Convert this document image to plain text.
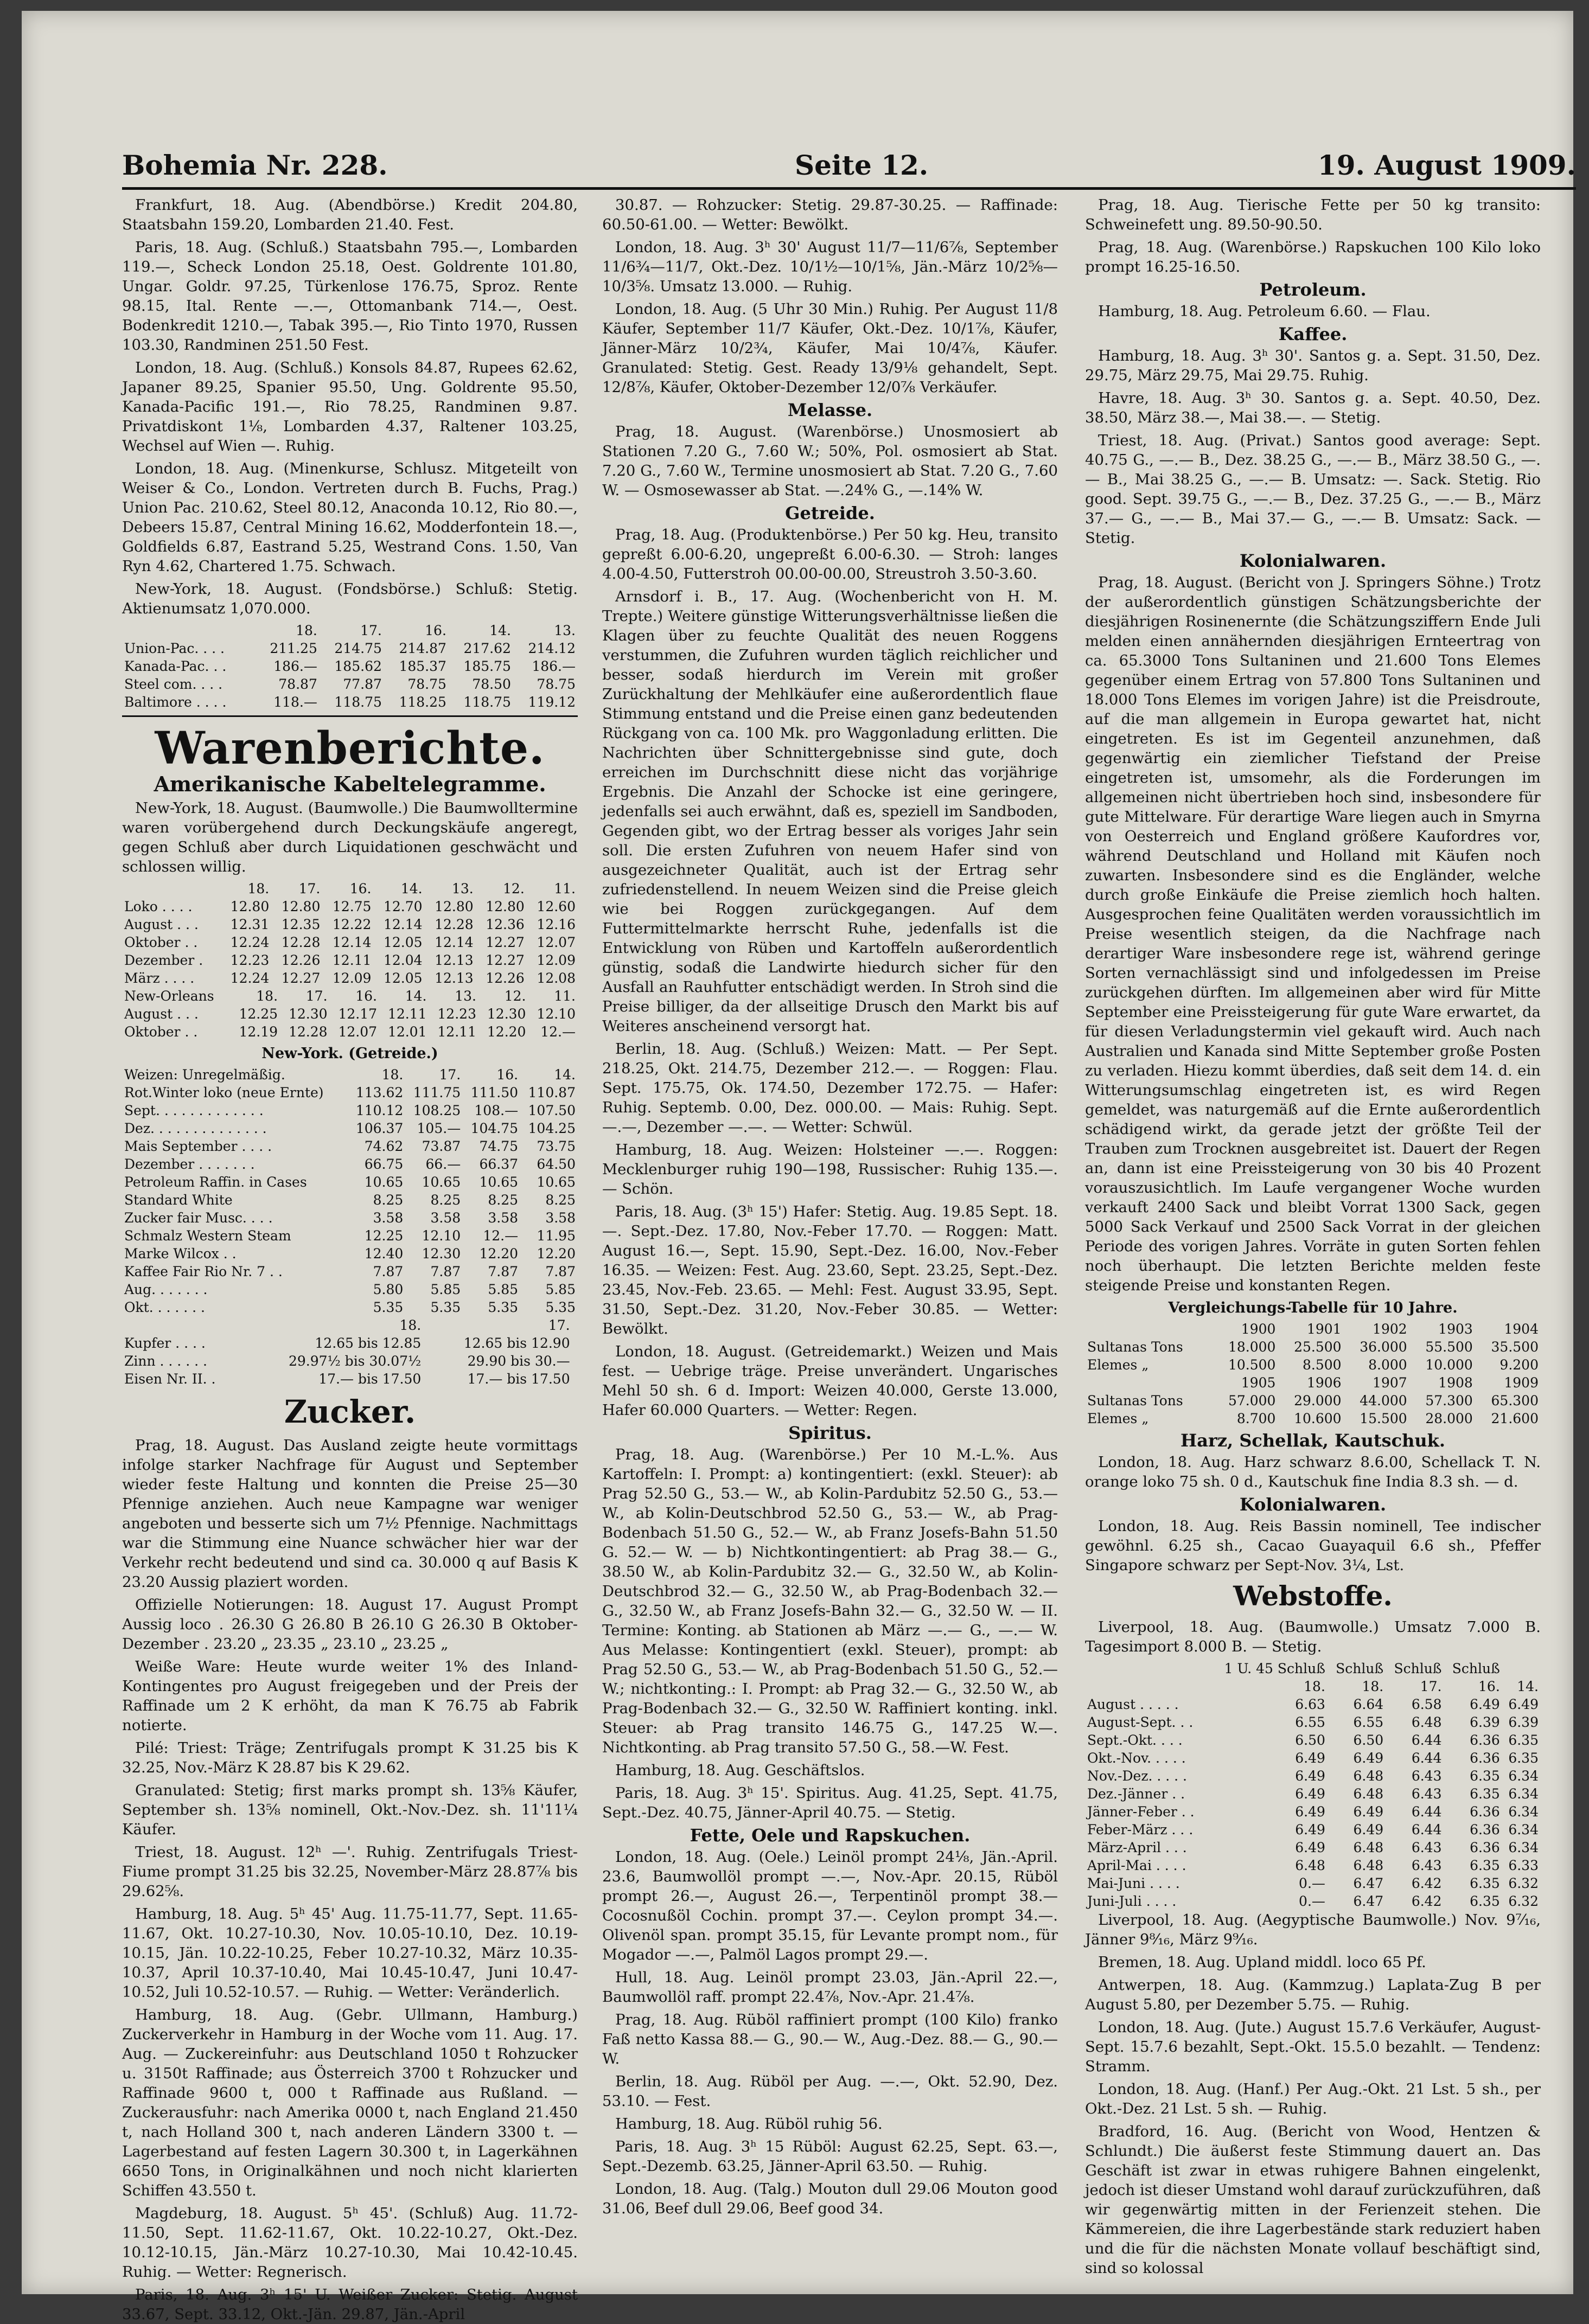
Bohemia Nr. 228.	Seite 12.	19. August 1909.

Frankfurt, 18. Aug. (Abendbörse.) Kredit 204.80, Staatsbahn 159.20, Lombarden 21.40. Fest.

Paris, 18. Aug. (Schluß.) Staatsbahn 795.—, Lombarden 119.—, Scheck London 25.18, Oest. Goldrente 101.80, Ungar. Goldr. 97.25, Türkenlose 176.75, Sproz. Rente 98.15, Ital. Rente —.—, Ottomanbank 714.—, Oest. Bodenkredit 1210.—, Tabak 395.—, Rio Tinto 1970, Russen 103.30, Randminen 251.50 Fest.

London, 18. Aug. (Schluß.) Konsols 84.87, Rupees 62.62, Japaner 89.25, Spanier 95.50, Ung. Goldrente 95.50, Kanada-Pacific 191.—, Rio 78.25, Randminen 9.87. Privatdiskont 1⅛, Lombarden 4.37, Raltener 103.25, Wechsel auf Wien —. Ruhig.

London, 18. Aug. (Minenkurse, Schlusz. Mitgeteilt von Weiser & Co., London. Vertreten durch B. Fuchs, Prag.) Union Pac. 210.62, Steel 80.12, Anaconda 10.12, Rio 80.—, Debeers 15.87, Central Mining 16.62, Modderfontein 18.—, Goldfields 6.87, Eastrand 5.25, Westrand Cons. 1.50, Van Ryn 4.62, Chartered 1.75. Schwach.

New-York, 18. August. (Fondsbörse.) Schluß: Stetig. Aktienumsatz 1,070.000.

	18.	17.	16.	14.	13.
Union-Pac. . . .	211.25	214.75	214.87	217.62	214.12
Kanada-Pac. . .	186.—	185.62	185.37	185.75	186.—
Steel com. . . .	78.87	77.87	78.75	78.50	78.75
Baltimore . . . .	118.—	118.75	118.25	118.75	119.12
Warenberichte.
Amerikanische Kabeltelegramme.

New-York, 18. August. (Baumwolle.) Die Baumwolltermine waren vorübergehend durch Deckungskäufe angeregt, gegen Schluß aber durch Liquidationen geschwächt und schlossen willig.

	18.	17.	16.	14.	13.	12.	11.
Loko . . . .	12.80	12.80	12.75	12.70	12.80	12.80	12.60
August . . .	12.31	12.35	12.22	12.14	12.28	12.36	12.16
Oktober . .	12.24	12.28	12.14	12.05	12.14	12.27	12.07
Dezember .	12.23	12.26	12.11	12.04	12.13	12.27	12.09
März . . . .	12.24	12.27	12.09	12.05	12.13	12.26	12.08
New-Orleans	18.	17.	16.	14.	13.	12.	11.
August . . .	12.25	12.30	12.17	12.11	12.23	12.30	12.10
Oktober . .	12.19	12.28	12.07	12.01	12.11	12.20	12.—
New-York. (Getreide.)
Weizen: Unregelmäßig.	18.	17.	16.	14.
Rot.Winter loko (neue Ernte)	113.62	111.75	111.50	110.87
Sept. . . . . . . . . . . . .	110.12	108.25	108.—	107.50
Dez. . . . . . . . . . . . . .	106.37	105.—	104.75	104.25
Mais September . . . .	74.62	73.87	74.75	73.75
Dezember . . . . . . .	66.75	66.—	66.37	64.50
Petroleum Raffin. in Cases	10.65	10.65	10.65	10.65
Standard White	8.25	8.25	8.25	8.25
Zucker fair Musc. . . .	3.58	3.58	3.58	3.58
Schmalz Western Steam	12.25	12.10	12.—	11.95
Marke Wilcox . .	12.40	12.30	12.20	12.20
Kaffee Fair Rio Nr. 7 . .	7.87	7.87	7.87	7.87
Aug. . . . . . .	5.80	5.85	5.85	5.85
Okt. . . . . . .	5.35	5.35	5.35	5.35
	18.		17.	
Kupfer . . . .	12.65 bis 12.85		12.65 bis 12.90	
Zinn . . . . . .	29.97½ bis 30.07½		29.90 bis 30.—	
Eisen Nr. II. .	17.— bis 17.50		17.— bis 17.50	
Zucker.

Prag, 18. August. Das Ausland zeigte heute vormittags infolge starker Nachfrage für August und September wieder feste Haltung und konnten die Preise 25—30 Pfennige anziehen. Auch neue Kampagne war weniger angeboten und besserte sich um 7½ Pfennige. Nachmittags war die Stimmung eine Nuance schwächer hier war der Verkehr recht bedeutend und sind ca. 30.000 q auf Basis K 23.20 Aussig plaziert worden.

Offizielle Notierungen: 18. August 17. August Prompt Aussig loco . 26.30 G 26.80 B 26.10 G 26.30 B Oktober-Dezember . 23.20 „ 23.35 „ 23.10 „ 23.25 „

Weiße Ware: Heute wurde weiter 1% des Inland-Kontingentes pro August freigegeben und der Preis der Raffinade um 2 K erhöht, da man K 76.75 ab Fabrik notierte.

Pilé: Triest: Träge; Zentrifugals prompt K 31.25 bis K 32.25, Nov.-März K 28.87 bis K 29.62.

Granulated: Stetig; first marks prompt sh. 13⅝ Käufer, September sh. 13⅝ nominell, Okt.-Nov.-Dez. sh. 11'11¼ Käufer.

Triest, 18. August. 12ʰ —'. Ruhig. Zentrifugals Triest-Fiume prompt 31.25 bis 32.25, November-März 28.87⅞ bis 29.62⅝.

Hamburg, 18. Aug. 5ʰ 45' Aug. 11.75-11.77, Sept. 11.65-11.67, Okt. 10.27-10.30, Nov. 10.05-10.10, Dez. 10.19-10.15, Jän. 10.22-10.25, Feber 10.27-10.32, März 10.35-10.37, April 10.37-10.40, Mai 10.45-10.47, Juni 10.47-10.52, Juli 10.52-10.57. — Ruhig. — Wetter: Veränderlich.

Hamburg, 18. Aug. (Gebr. Ullmann, Hamburg.) Zuckerverkehr in Hamburg in der Woche vom 11. Aug. 17. Aug. — Zuckereinfuhr: aus Deutschland 1050 t Rohzucker u. 3150t Raffinade; aus Österreich 3700 t Rohzucker und Raffinade 9600 t, 000 t Raffinade aus Rußland. —Zuckerausfuhr: nach Amerika 0000 t, nach England 21.450 t, nach Holland 300 t, nach anderen Ländern 3300 t. — Lagerbestand auf festen Lagern 30.300 t, in Lagerkähnen 6650 Tons, in Originalkähnen und noch nicht klarierten Schiffen 43.550 t.

Magdeburg, 18. August. 5ʰ 45'. (Schluß) Aug. 11.72-11.50, Sept. 11.62-11.67, Okt. 10.22-10.27, Okt.-Dez. 10.12-10.15, Jän.-März 10.27-10.30, Mai 10.42-10.45. Ruhig. — Wetter: Regnerisch.

Paris, 18. Aug. 3ʰ 15' U. Weißer Zucker: Stetig. August 33.67, Sept. 33.12, Okt.-Jän. 29.87, Jän.-April

30.87. — Rohzucker: Stetig. 29.87-30.25. — Raffinade: 60.50-61.00. — Wetter: Bewölkt.

London, 18. Aug. 3ʰ 30' August 11/7—11/6⅞, September 11/6¾—11/7, Okt.-Dez. 10/1½—10/1⅝, Jän.-März 10/2⁵⁄₈—10/3⁵⁄₈. Umsatz 13.000. — Ruhig.

London, 18. Aug. (5 Uhr 30 Min.) Ruhig. Per August 11/8 Käufer, September 11/7 Käufer, Okt.-Dez. 10/1⅞, Käufer, Jänner-März 10/2¾, Käufer, Mai 10/4⅞, Käufer. Granulated: Stetig. Gest. Ready 13/9⅛ gehandelt, Sept. 12/8⅞, Käufer, Oktober-Dezember 12/0⅞ Verkäufer.

Melasse.

Prag, 18. August. (Warenbörse.) Unosmosiert ab Stationen 7.20 G., 7.60 W.; 50%, Pol. osmosiert ab Stat. 7.20 G., 7.60 W., Termine unosmosiert ab Stat. 7.20 G., 7.60 W. — Osmosewasser ab Stat. —.24% G., —.14% W.

Getreide.

Prag, 18. Aug. (Produktenbörse.) Per 50 kg. Heu, transito gepreßt 6.00-6.20, ungepreßt 6.00-6.30. — Stroh: langes 4.00-4.50, Futterstroh 00.00-00.00, Streustroh 3.50-3.60.

Arnsdorf i. B., 17. Aug. (Wochenbericht von H. M. Trepte.) Weitere günstige Witterungsverhältnisse ließen die Klagen über zu feuchte Qualität des neuen Roggens verstummen, die Zufuhren wurden täglich reichlicher und besser, sodaß hierdurch im Verein mit großer Zurückhaltung der Mehlkäufer eine außerordentlich flaue Stimmung entstand und die Preise einen ganz bedeutenden Rückgang von ca. 100 Mk. pro Waggonladung erlitten. Die Nachrichten über Schnittergebnisse sind gute, doch erreichen im Durchschnitt diese nicht das vorjährige Ergebnis. Die Anzahl der Schocke ist eine geringere, jedenfalls sei auch erwähnt, daß es, speziell im Sandboden, Gegenden gibt, wo der Ertrag besser als voriges Jahr sein soll. Die ersten Zufuhren von neuem Hafer sind von ausgezeichneter Qualität, auch ist der Ertrag sehr zufriedenstellend. In neuem Weizen sind die Preise gleich wie bei Roggen zurückgegangen. Auf dem Futtermittelmarkte herrscht Ruhe, jedenfalls ist die Entwicklung von Rüben und Kartoffeln außerordentlich günstig, sodaß die Landwirte hiedurch sicher für den Ausfall an Rauhfutter entschädigt werden. In Stroh sind die Preise billiger, da der allseitige Drusch den Markt bis auf Weiteres anscheinend versorgt hat.

Berlin, 18. Aug. (Schluß.) Weizen: Matt. — Per Sept. 218.25, Okt. 214.75, Dezember 212.—. — Roggen: Flau. Sept. 175.75, Ok. 174.50, Dezember 172.75. — Hafer: Ruhig. Septemb. 0.00, Dez. 000.00. — Mais: Ruhig. Sept. —.—, Dezember —.—. — Wetter: Schwül.

Hamburg, 18. Aug. Weizen: Holsteiner —.—. Roggen: Mecklenburger ruhig 190—198, Russischer: Ruhig 135.—. — Schön.

Paris, 18. Aug. (3ʰ 15') Hafer: Stetig. Aug. 19.85 Sept. 18.—. Sept.-Dez. 17.80, Nov.-Feber 17.70. — Roggen: Matt. August 16.—, Sept. 15.90, Sept.-Dez. 16.00, Nov.-Feber 16.35. — Weizen: Fest. Aug. 23.60, Sept. 23.25, Sept.-Dez. 23.45, Nov.-Feb. 23.65. — Mehl: Fest. August 33.95, Sept. 31.50, Sept.-Dez. 31.20, Nov.-Feber 30.85. — Wetter: Bewölkt.

London, 18. August. (Getreidemarkt.) Weizen und Mais fest. — Uebrige träge. Preise unverändert. Ungarisches Mehl 50 sh. 6 d. Import: Weizen 40.000, Gerste 13.000, Hafer 60.000 Quarters. — Wetter: Regen.

Spiritus.

Prag, 18. Aug. (Warenbörse.) Per 10 M.-L.%. Aus Kartoffeln: I. Prompt: a) kontingentiert: (exkl. Steuer): ab Prag 52.50 G., 53.— W., ab Kolin-Pardubitz 52.50 G., 53.— W., ab Kolin-Deutschbrod 52.50 G., 53.— W., ab Prag-Bodenbach 51.50 G., 52.— W., ab Franz Josefs-Bahn 51.50 G. 52.— W. — b) Nichtkontingentiert: ab Prag 38.— G., 38.50 W., ab Kolin-Pardubitz 32.— G., 32.50 W., ab Kolin-Deutschbrod 32.— G., 32.50 W., ab Prag-Bodenbach 32.— G., 32.50 W., ab Franz Josefs-Bahn 32.— G., 32.50 W. — II. Termine: Konting. ab Stationen ab März —.— G., —.— W. Aus Melasse: Kontingentiert (exkl. Steuer), prompt: ab Prag 52.50 G., 53.— W., ab Prag-Bodenbach 51.50 G., 52.— W.; nichtkonting.: I. Prompt: ab Prag 32.— G., 32.50 W., ab Prag-Bodenbach 32.— G., 32.50 W. Raffiniert konting. inkl. Steuer: ab Prag transito 146.75 G., 147.25 W.—. Nichtkonting. ab Prag transito 57.50 G., 58.—W. Fest.

Hamburg, 18. Aug. Geschäftslos.

Paris, 18. Aug. 3ʰ 15'. Spiritus. Aug. 41.25, Sept. 41.75, Sept.-Dez. 40.75, Jänner-April 40.75. — Stetig.

Fette, Oele und Rapskuchen.

London, 18. Aug. (Oele.) Leinöl prompt 24¹⁄₈, Jän.-April. 23.6, Baumwollöl prompt —.—, Nov.-Apr. 20.15, Rüböl prompt 26.—, August 26.—, Terpentinöl prompt 38.— Cocosnußöl Cochin. prompt 37.—. Ceylon prompt 34.—. Olivenöl span. prompt 35.15, für Levante prompt nom., für Mogador —.—, Palmöl Lagos prompt 29.—.

Hull, 18. Aug. Leinöl prompt 23.03, Jän.-April 22.—, Baumwollöl raff. prompt 22.4⅞, Nov.-Apr. 21.4⅞.

Prag, 18. Aug. Rüböl raffiniert prompt (100 Kilo) franko Faß netto Kassa 88.— G., 90.— W., Aug.-Dez. 88.— G., 90.— W.

Berlin, 18. Aug. Rüböl per Aug. —.—, Okt. 52.90, Dez. 53.10. — Fest.

Hamburg, 18. Aug. Rüböl ruhig 56.

Paris, 18. Aug. 3ʰ 15 Rüböl: August 62.25, Sept. 63.—, Sept.-Dezemb. 63.25, Jänner-April 63.50. — Ruhig.

London, 18. Aug. (Talg.) Mouton dull 29.06 Mouton good 31.06, Beef dull 29.06, Beef good 34.

Prag, 18. Aug. Tierische Fette per 50 kg transito: Schweinefett ung. 89.50-90.50.

Prag, 18. Aug. (Warenbörse.) Rapskuchen 100 Kilo loko prompt 16.25-16.50.

Petroleum.

Hamburg, 18. Aug. Petroleum 6.60. — Flau.

Kaffee.

Hamburg, 18. Aug. 3ʰ 30'. Santos g. a. Sept. 31.50, Dez. 29.75, März 29.75, Mai 29.75. Ruhig.

Havre, 18. Aug. 3ʰ 30. Santos g. a. Sept. 40.50, Dez. 38.50, März 38.—, Mai 38.—. — Stetig.

Triest, 18. Aug. (Privat.) Santos good average: Sept. 40.75 G., —.— B., Dez. 38.25 G., —.— B., März 38.50 G., —.— B., Mai 38.25 G., —.— B. Umsatz: —. Sack. Stetig. Rio good. Sept. 39.75 G., —.— B., Dez. 37.25 G., —.— B., März 37.— G., —.— B., Mai 37.— G., —.— B. Umsatz: Sack. — Stetig.

Kolonialwaren.

Prag, 18. August. (Bericht von J. Springers Söhne.) Trotz der außerordentlich günstigen Schätzungsberichte der diesjährigen Rosinenernte (die Schätzungsziffern Ende Juli melden einen annähernden diesjährigen Ernteertrag von ca. 65.3000 Tons Sultaninen und 21.600 Tons Elemes gegenüber einem Ertrag von 57.800 Tons Sultaninen und 18.000 Tons Elemes im vorigen Jahre) ist die Preisdroute, auf die man allgemein in Europa gewartet hat, nicht eingetreten. Es ist im Gegenteil anzunehmen, daß gegenwärtig ein ziemlicher Tiefstand der Preise eingetreten ist, umsomehr, als die Forderungen im allgemeinen nicht übertrieben hoch sind, insbesondere für gute Mittelware. Für derartige Ware liegen auch in Smyrna von Oesterreich und England größere Kaufordres vor, während Deutschland und Holland mit Käufen noch zuwarten. Insbesondere sind es die Engländer, welche durch große Einkäufe die Preise ziemlich hoch halten. Ausgesprochen feine Qualitäten werden voraussichtlich im Preise wesentlich steigen, da die Nachfrage nach derartiger Ware insbesondere rege ist, während geringe Sorten vernachlässigt sind und infolgedessen im Preise zurückgehen dürften. Im allgemeinen aber wird für Mitte September eine Preissteigerung für gute Ware erwartet, da für diesen Verladungstermin viel gekauft wird. Auch nach Australien und Kanada sind Mitte September große Posten zu verladen. Hiezu kommt überdies, daß seit dem 14. d. ein Witterungsumschlag eingetreten ist, es wird Regen gemeldet, was naturgemäß auf die Ernte außerordentlich schädigend wirkt, da gerade jetzt der größte Teil der Trauben zum Trocknen ausgebreitet ist. Dauert der Regen an, dann ist eine Preissteigerung von 30 bis 40 Prozent vorauszusichtlich. Im Laufe vergangener Woche wurden verkauft 2400 Sack und bleibt Vorrat 1300 Sack, gegen 5000 Sack Verkauf und 2500 Sack Vorrat in der gleichen Periode des vorigen Jahres. Vorräte in guten Sorten fehlen noch überhaupt. Die letzten Berichte melden feste steigende Preise und konstanten Regen.

Vergleichungs-Tabelle für 10 Jahre.
	1900	1901	1902	1903	1904
Sultanas Tons	18.000	25.500	36.000	55.500	35.500
Elemes „	10.500	8.500	8.000	10.000	9.200
	1905	1906	1907	1908	1909
Sultanas Tons	57.000	29.000	44.000	57.300	65.300
Elemes „	8.700	10.600	15.500	28.000	21.600
Harz, Schellak, Kautschuk.

London, 18. Aug. Harz schwarz 8.6.00, Schellack T. N. orange loko 75 sh. 0 d., Kautschuk fine India 8.3 sh. — d.

Kolonialwaren.

London, 18. Aug. Reis Bassin nominell, Tee indischer gewöhnl. 6.25 sh., Cacao Guayaquil 6.6 sh., Pfeffer Singapore schwarz per Sept-Nov. 3¼, Lst.

Webstoffe.

Liverpool, 18. Aug. (Baumwolle.) Umsatz 7.000 B. Tagesimport 8.000 B. — Stetig.

	1 U. 45 Schluß	Schluß	Schluß	Schluß	
	18.	18.	17.	16.	14.
August . . . . .	6.63	6.64	6.58	6.49	6.49
August-Sept. . .	6.55	6.55	6.48	6.39	6.39
Sept.-Okt. . . .	6.50	6.50	6.44	6.36	6.35
Okt.-Nov. . . . .	6.49	6.49	6.44	6.36	6.35
Nov.-Dez. . . . .	6.49	6.48	6.43	6.35	6.34
Dez.-Jänner . .	6.49	6.48	6.43	6.35	6.34
Jänner-Feber . .	6.49	6.49	6.44	6.36	6.34
Feber-März . . .	6.49	6.49	6.44	6.36	6.34
März-April . . .	6.49	6.48	6.43	6.36	6.34
April-Mai . . . .	6.48	6.48	6.43	6.35	6.33
Mai-Juni . . . .	0.—	6.47	6.42	6.35	6.32
Juni-Juli . . . .	0.—	6.47	6.42	6.35	6.32

Liverpool, 18. Aug. (Aegyptische Baumwolle.) Nov. 9⁷⁄₁₆, Jänner 9⁸⁄₁₆, März 9⁹⁄₁₆.

Bremen, 18. Aug. Upland middl. loco 65 Pf.

Antwerpen, 18. Aug. (Kammzug.) Laplata-Zug B per August 5.80, per Dezember 5.75. — Ruhig.

London, 18. Aug. (Jute.) August 15.7.6 Verkäufer, August-Sept. 15.7.6 bezahlt, Sept.-Okt. 15.5.0 bezahlt. — Tendenz: Stramm.

London, 18. Aug. (Hanf.) Per Aug.-Okt. 21 Lst. 5 sh., per Okt.-Dez. 21 Lst. 5 sh. — Ruhig.

Bradford, 16. Aug. (Bericht von Wood, Hentzen & Schlundt.) Die äußerst feste Stimmung dauert an. Das Geschäft ist zwar in etwas ruhigere Bahnen eingelenkt, jedoch ist dieser Umstand wohl darauf zurückzuführen, daß wir gegenwärtig mitten in der Ferienzeit stehen. Die Kämmereien, die ihre Lagerbestände stark reduziert haben und die für die nächsten Monate vollauf beschäftigt sind, sind so kolossal
